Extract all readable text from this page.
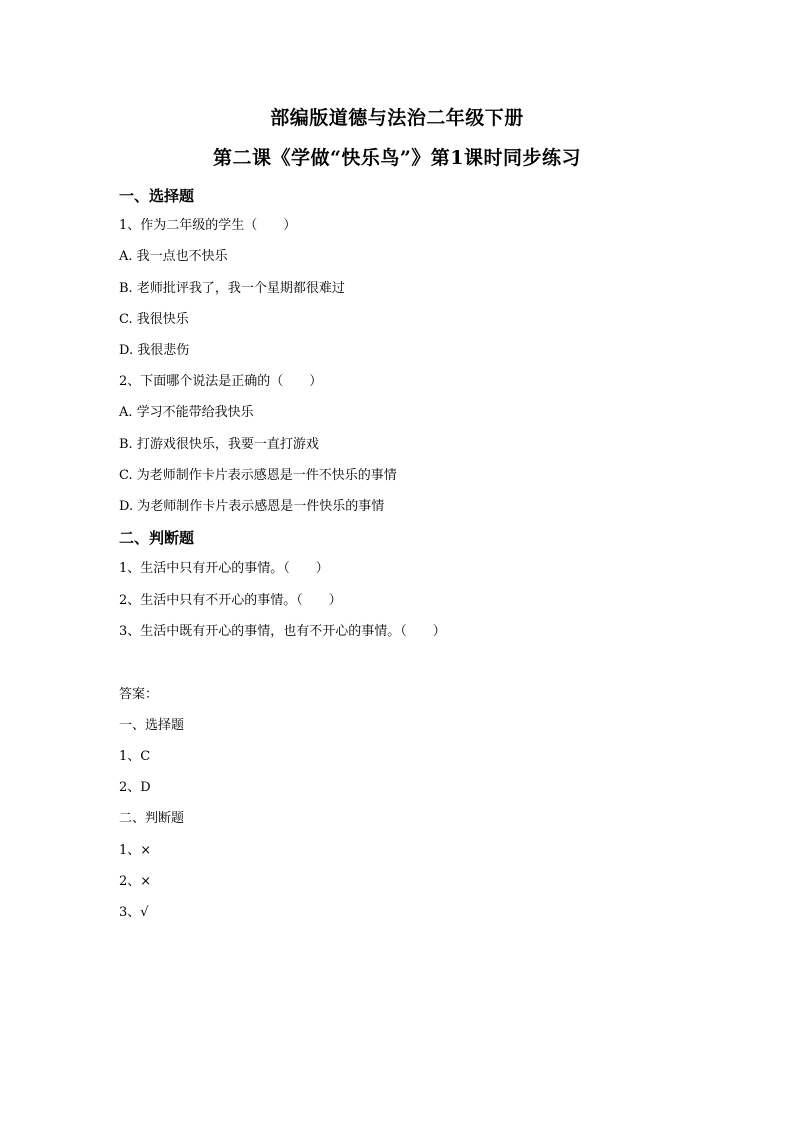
部编版道德与法治二年级下册
第二课《学做“快乐鸟”》第1课时同步练习
一、选择题
1、作为二年级的学生（　　）
A. 我一点也不快乐
B. 老师批评我了，我一个星期都很难过
C. 我很快乐
D. 我很悲伤
2、下面哪个说法是正确的（　　）
A. 学习不能带给我快乐
B. 打游戏很快乐，我要一直打游戏
C. 为老师制作卡片表示感恩是一件不快乐的事情
D. 为老师制作卡片表示感恩是一件快乐的事情
二、判断题
1、生活中只有开心的事情。（　　）
2、生活中只有不开心的事情。（　　）
3、生活中既有开心的事情，也有不开心的事情。（　　）
答案：
一、选择题
1、C
2、D
二、判断题
1、×
2、×
3、√
